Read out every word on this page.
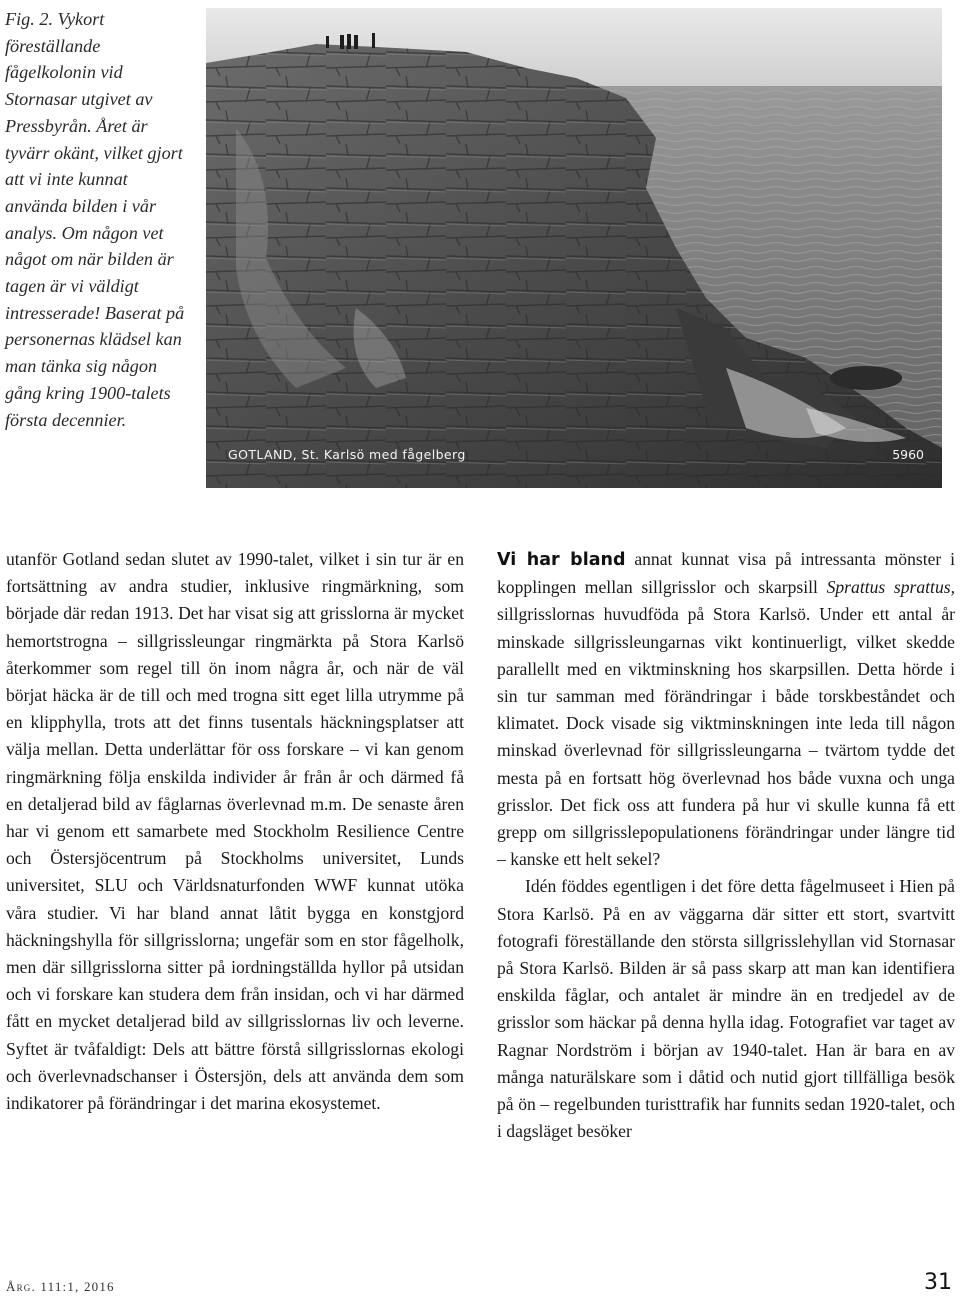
Fig. 2. Vykort föreställande fågelkolonin vid Stornasar utgivet av Pressbyrån. Året är tyvärr okänt, vilket gjort att vi inte kunnat använda bilden i vår analys. Om någon vet något om när bilden är tagen är vi väldigt intresserade! Baserat på personernas klädsel kan man tänka sig någon gång kring 1900-talets första decennier.

GOTLAND, St. Karlsö med fågelberg	5960

utanför Gotland sedan slutet av 1990-talet, vilket i sin tur är en fortsättning av andra studier, inklusive ringmärkning, som började där redan 1913. Det har visat sig att grisslorna är mycket hemortstrogna – sillgrissleungar ringmärkta på Stora Karlsö återkommer som regel till ön inom några år, och när de väl börjat häcka är de till och med trogna sitt eget lilla utrymme på en klipphylla, trots att det finns tusentals häckningsplatser att välja mellan. Detta underlättar för oss forskare – vi kan genom ringmärkning följa enskilda individer år från år och därmed få en detaljerad bild av fåglarnas överlevnad m.m. De senaste åren har vi genom ett samarbete med Stockholm Resilience Centre och Östersjöcentrum på Stockholms universitet, Lunds universitet, SLU och Världsnaturfonden WWF kunnat utöka våra studier. Vi har bland annat låtit bygga en konstgjord häckningshylla för sillgrisslorna; ungefär som en stor fågelholk, men där sillgrisslorna sitter på iordningställda hyllor på utsidan och vi forskare kan studera dem från insidan, och vi har därmed fått en mycket detaljerad bild av sillgrisslornas liv och leverne. Syftet är tvåfaldigt: Dels att bättre förstå sillgrisslornas ekologi och överlevnadschanser i Östersjön, dels att använda dem som indikatorer på förändringar i det marina ekosystemet.

Vi har bland annat kunnat visa på intressanta mönster i kopplingen mellan sillgrisslor och skarpsill Sprattus sprattus, sillgrisslornas huvudföda på Stora Karlsö. Under ett antal år minskade sillgrissleungarnas vikt kontinuerligt, vilket skedde parallellt med en viktminskning hos skarpsillen. Detta hörde i sin tur samman med förändringar i både torskbeståndet och klimatet. Dock visade sig viktminskningen inte leda till någon minskad överlevnad för sillgrissleungarna – tvärtom tydde det mesta på en fortsatt hög överlevnad hos både vuxna och unga grisslor. Det fick oss att fundera på hur vi skulle kunna få ett grepp om sillgrisslepopulationens förändringar under längre tid – kanske ett helt sekel?

Idén föddes egentligen i det före detta fågelmuseet i Hien på Stora Karlsö. På en av väggarna där sitter ett stort, svartvitt fotografi föreställande den största sillgrisslehyllan vid Stornasar på Stora Karlsö. Bilden är så pass skarp att man kan identifiera enskilda fåglar, och antalet är mindre än en tredjedel av de grisslor som häckar på denna hylla idag. Fotografiet var taget av Ragnar Nordström i början av 1940-talet. Han är bara en av många naturälskare som i dåtid och nutid gjort tillfälliga besök på ön – regelbunden turisttrafik har funnits sedan 1920-talet, och i dagsläget besöker

Årg. 111:1, 2016	31
